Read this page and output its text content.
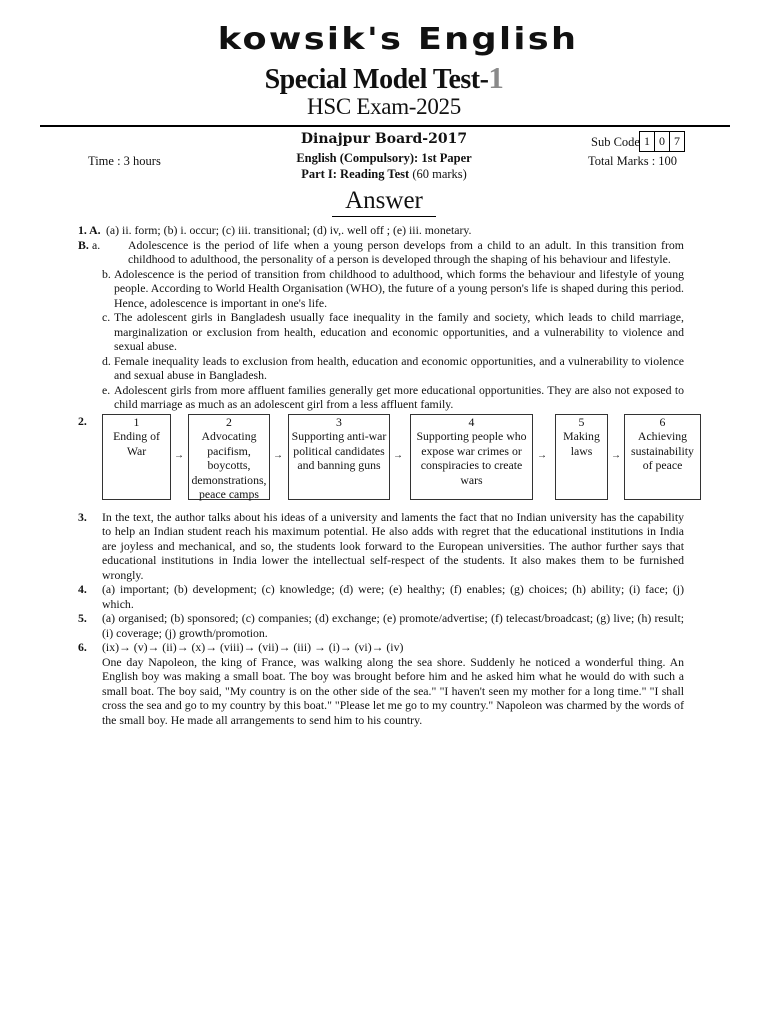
kowsik's English
Special Model Test-1
HSC Exam-2025
Dinajpur Board-2017
English (Compulsory): 1st Paper
Part I: Reading Test (60 marks)
Time : 3 hours
Sub Code 1 0 7
Total Marks : 100
Answer
1. A. (a) ii. form; (b) i. occur; (c) iii. transitional; (d) iv,. well off ; (e) iii. monetary.
B. a.	Adolescence is the period of life when a young person develops from a child to an adult. In this transition from childhood to adulthood, the personality of a person is developed through the shaping of his behaviour and lifestyle.
b. Adolescence is the period of transition from childhood to adulthood, which forms the behaviour and lifestyle of young people. According to World Health Organisation (WHO), the future of a young person's life is shaped during this period. Hence, adolescence is important in one's life.
c. The adolescent girls in Bangladesh usually face inequality in the family and society, which leads to child marriage, marginalization or exclusion from health, education and economic opportunities, and a vulnerability to violence and sexual abuse.
d. Female inequality leads to exclusion from health, education and economic opportunities, and a vulnerability to violence and sexual abuse in Bangladesh.
e. Adolescent girls from more affluent families generally get more educational opportunities. They are also not exposed to child marriage as much as an adolescent girl from a less affluent family.
2.	1
Ending of War	→
2
Advocating pacifism, boycotts, demonstrations, peace camps
→
3
Supporting anti-war political candidates and banning guns
→
4
Supporting people who expose war crimes or conspiracies to create wars
→
5
Making laws	→
6
Achieving sustainability of peace
3.	In the text, the author talks about his ideas of a university and laments the fact that no Indian university has the capability to help an Indian student reach his maximum potential. He also adds with regret that the educational institutions in India are joyless and mechanical, and so, the students look forward to the European universities. The author further says that educational institutions in India lower the intellectual self-respect of the students. It also makes them to be furnished wrongly.
4.	(a) important; (b) development; (c) knowledge; (d) were; (e) healthy; (f) enables; (g) choices; (h) ability; (i) face; (j) which.
5.	(a) organised; (b) sponsored; (c) companies; (d) exchange; (e) promote/advertise; (f) telecast/broadcast; (g) live; (h) result; (i) coverage; (j) growth/promotion.
6.	(ix)→ (v)→ (ii)→ (x)→ (viii)→ (vii)→ (iii) → (i)→ (vi)→ (iv)
One day Napoleon, the king of France, was walking along the sea shore. Suddenly he noticed a wonderful thing. An English boy was making a small boat. The boy was brought before him and he asked him what he would do with such a small boat. The boy said, "My country is on the other side of the sea." "I haven't seen my mother for a long time." "I shall cross the sea and go to my country by this boat." "Please let me go to my country." Napoleon was charmed by the words of the small boy. He made all arrangements to send him to his country.
